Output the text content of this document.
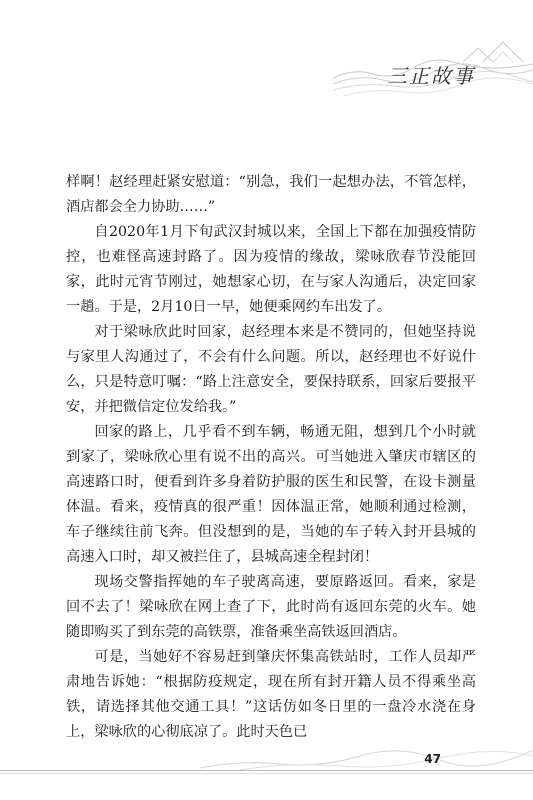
三正故事

样啊！赵经理赶紧安慰道：“别急，我们一起想办法，不管怎样，酒店都会全力协助……”

自2020年1月下旬武汉封城以来，全国上下都在加强疫情防控，也难怪高速封路了。因为疫情的缘故，梁咏欣春节没能回家，此时元宵节刚过，她想家心切，在与家人沟通后，决定回家一趟。于是，2月10日一早，她便乘网约车出发了。

对于梁咏欣此时回家，赵经理本来是不赞同的，但她坚持说与家里人沟通过了，不会有什么问题。所以，赵经理也不好说什么，只是特意叮嘱：“路上注意安全，要保持联系，回家后要报平安，并把微信定位发给我。”

回家的路上，几乎看不到车辆，畅通无阻，想到几个小时就到家了，梁咏欣心里有说不出的高兴。可当她进入肇庆市辖区的高速路口时，便看到许多身着防护服的医生和民警，在设卡测量体温。看来，疫情真的很严重！因体温正常，她顺利通过检测，车子继续往前飞奔。但没想到的是，当她的车子转入封开县城的高速入口时，却又被拦住了，县城高速全程封闭！

现场交警指挥她的车子驶离高速，要原路返回。看来，家是回不去了！梁咏欣在网上查了下，此时尚有返回东莞的火车。她随即购买了到东莞的高铁票，准备乘坐高铁返回酒店。

可是，当她好不容易赶到肇庆怀集高铁站时，工作人员却严肃地告诉她：“根据防疫规定，现在所有封开籍人员不得乘坐高铁，请选择其他交通工具！”这话仿如冬日里的一盘冷水浇在身上，梁咏欣的心彻底凉了。此时天色已

47
